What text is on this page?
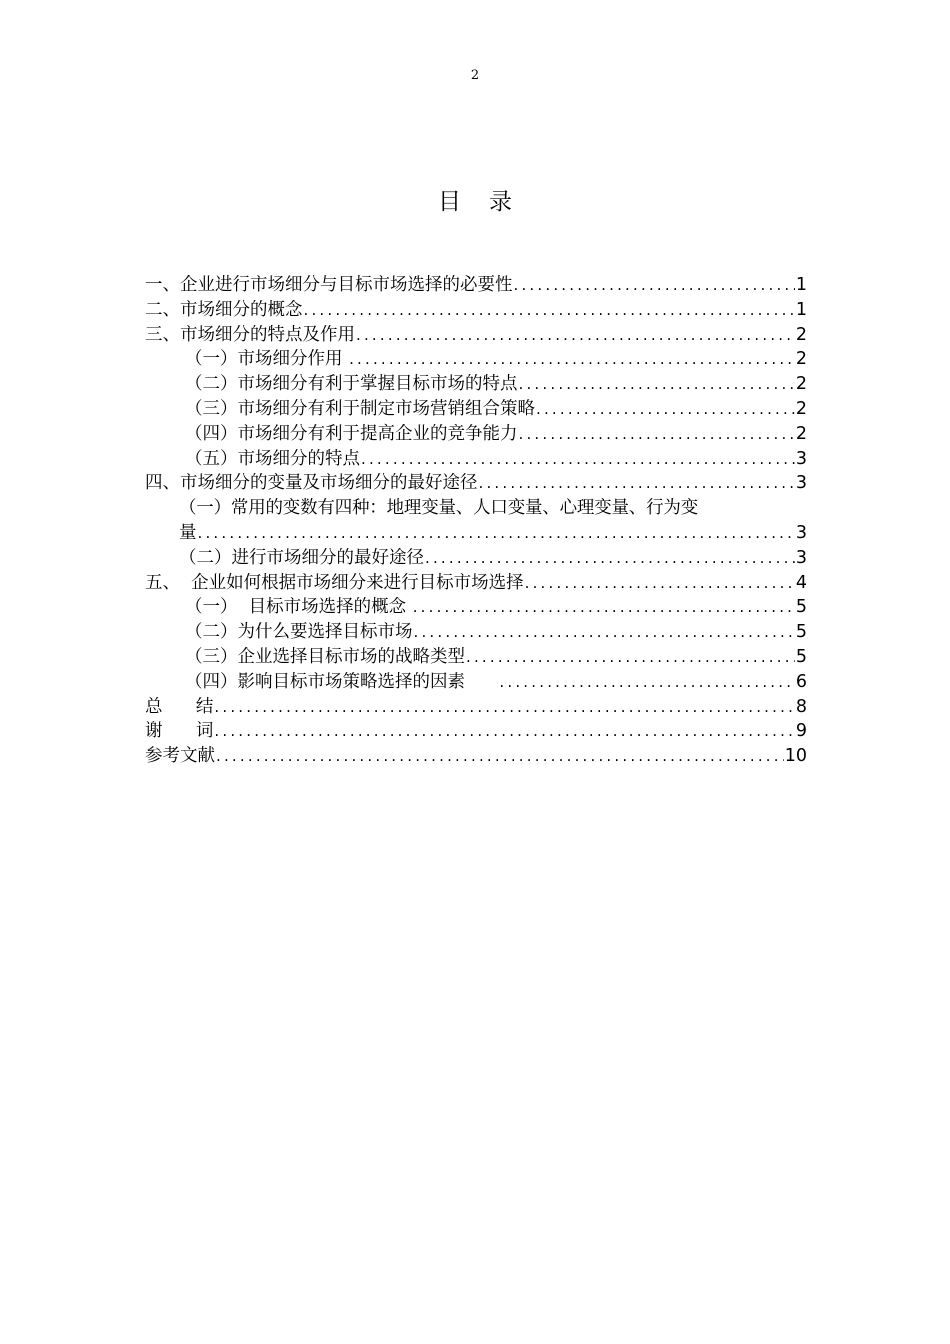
2
目 录
一、企业进行市场细分与目标市场选择的必要性 .....	1
二、市场细分的概念 .....	1
三、市场细分的特点及作用 .....	2
（一）市场细分作用 .....	2
（二）市场细分有利于掌握目标市场的特点 .....	2
（三）市场细分有利于制定市场营销组合策略 .....	2
（四）市场细分有利于提高企业的竞争能力 .....	2
（五）市场细分的特点 .....	3
四、市场细分的变量及市场细分的最好途径 .....	3
（一）常用的变数有四种：地理变量、人口变量、心理变量、行为变
量 .....	3
（二）进行市场细分的最好途径 .....	3
五、  企业如何根据市场细分来进行目标市场选择 .....	4
（一）  目标市场选择的概念 .....	5
（二）为什么要选择目标市场 .....	5
（三）企业选择目标市场的战略类型 .....	5
（四）影响目标市场策略选择的因素 .....	6
总      结 .....	8
谢      词 .....	9
参考文献 .....	10
